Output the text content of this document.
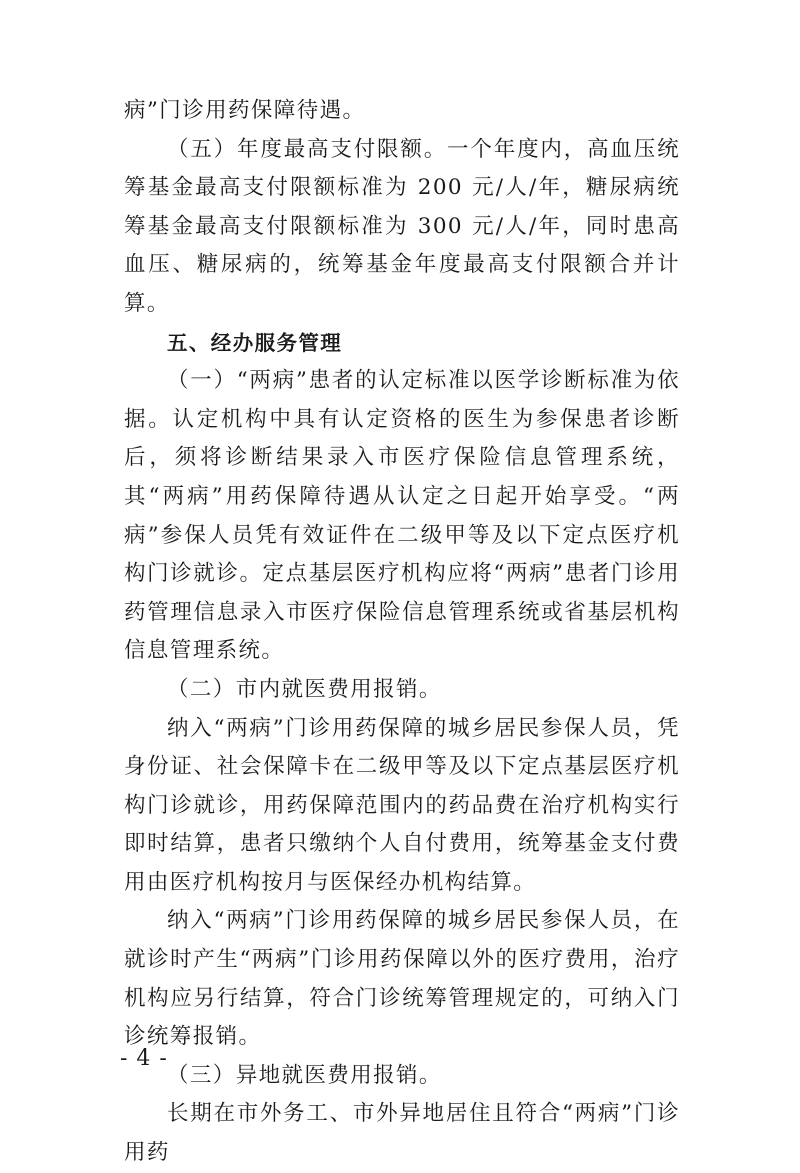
病”门诊用药保障待遇。

（五）年度最高支付限额。一个年度内，高血压统筹基金最高支付限额标准为 200 元/人/年，糖尿病统筹基金最高支付限额标准为 300 元/人/年，同时患高血压、糖尿病的，统筹基金年度最高支付限额合并计算。

五、经办服务管理

（一）“两病”患者的认定标准以医学诊断标准为依据。认定机构中具有认定资格的医生为参保患者诊断后，须将诊断结果录入市医疗保险信息管理系统，其“两病”用药保障待遇从认定之日起开始享受。“两病”参保人员凭有效证件在二级甲等及以下定点医疗机构门诊就诊。定点基层医疗机构应将“两病”患者门诊用药管理信息录入市医疗保险信息管理系统或省基层机构信息管理系统。

（二）市内就医费用报销。

纳入“两病”门诊用药保障的城乡居民参保人员，凭身份证、社会保障卡在二级甲等及以下定点基层医疗机构门诊就诊，用药保障范围内的药品费在治疗机构实行即时结算，患者只缴纳个人自付费用，统筹基金支付费用由医疗机构按月与医保经办机构结算。

纳入“两病”门诊用药保障的城乡居民参保人员，在就诊时产生“两病”门诊用药保障以外的医疗费用，治疗机构应另行结算，符合门诊统筹管理规定的，可纳入门诊统筹报销。

（三）异地就医费用报销。

长期在市外务工、市外异地居住且符合“两病”门诊用药

- 4 -
